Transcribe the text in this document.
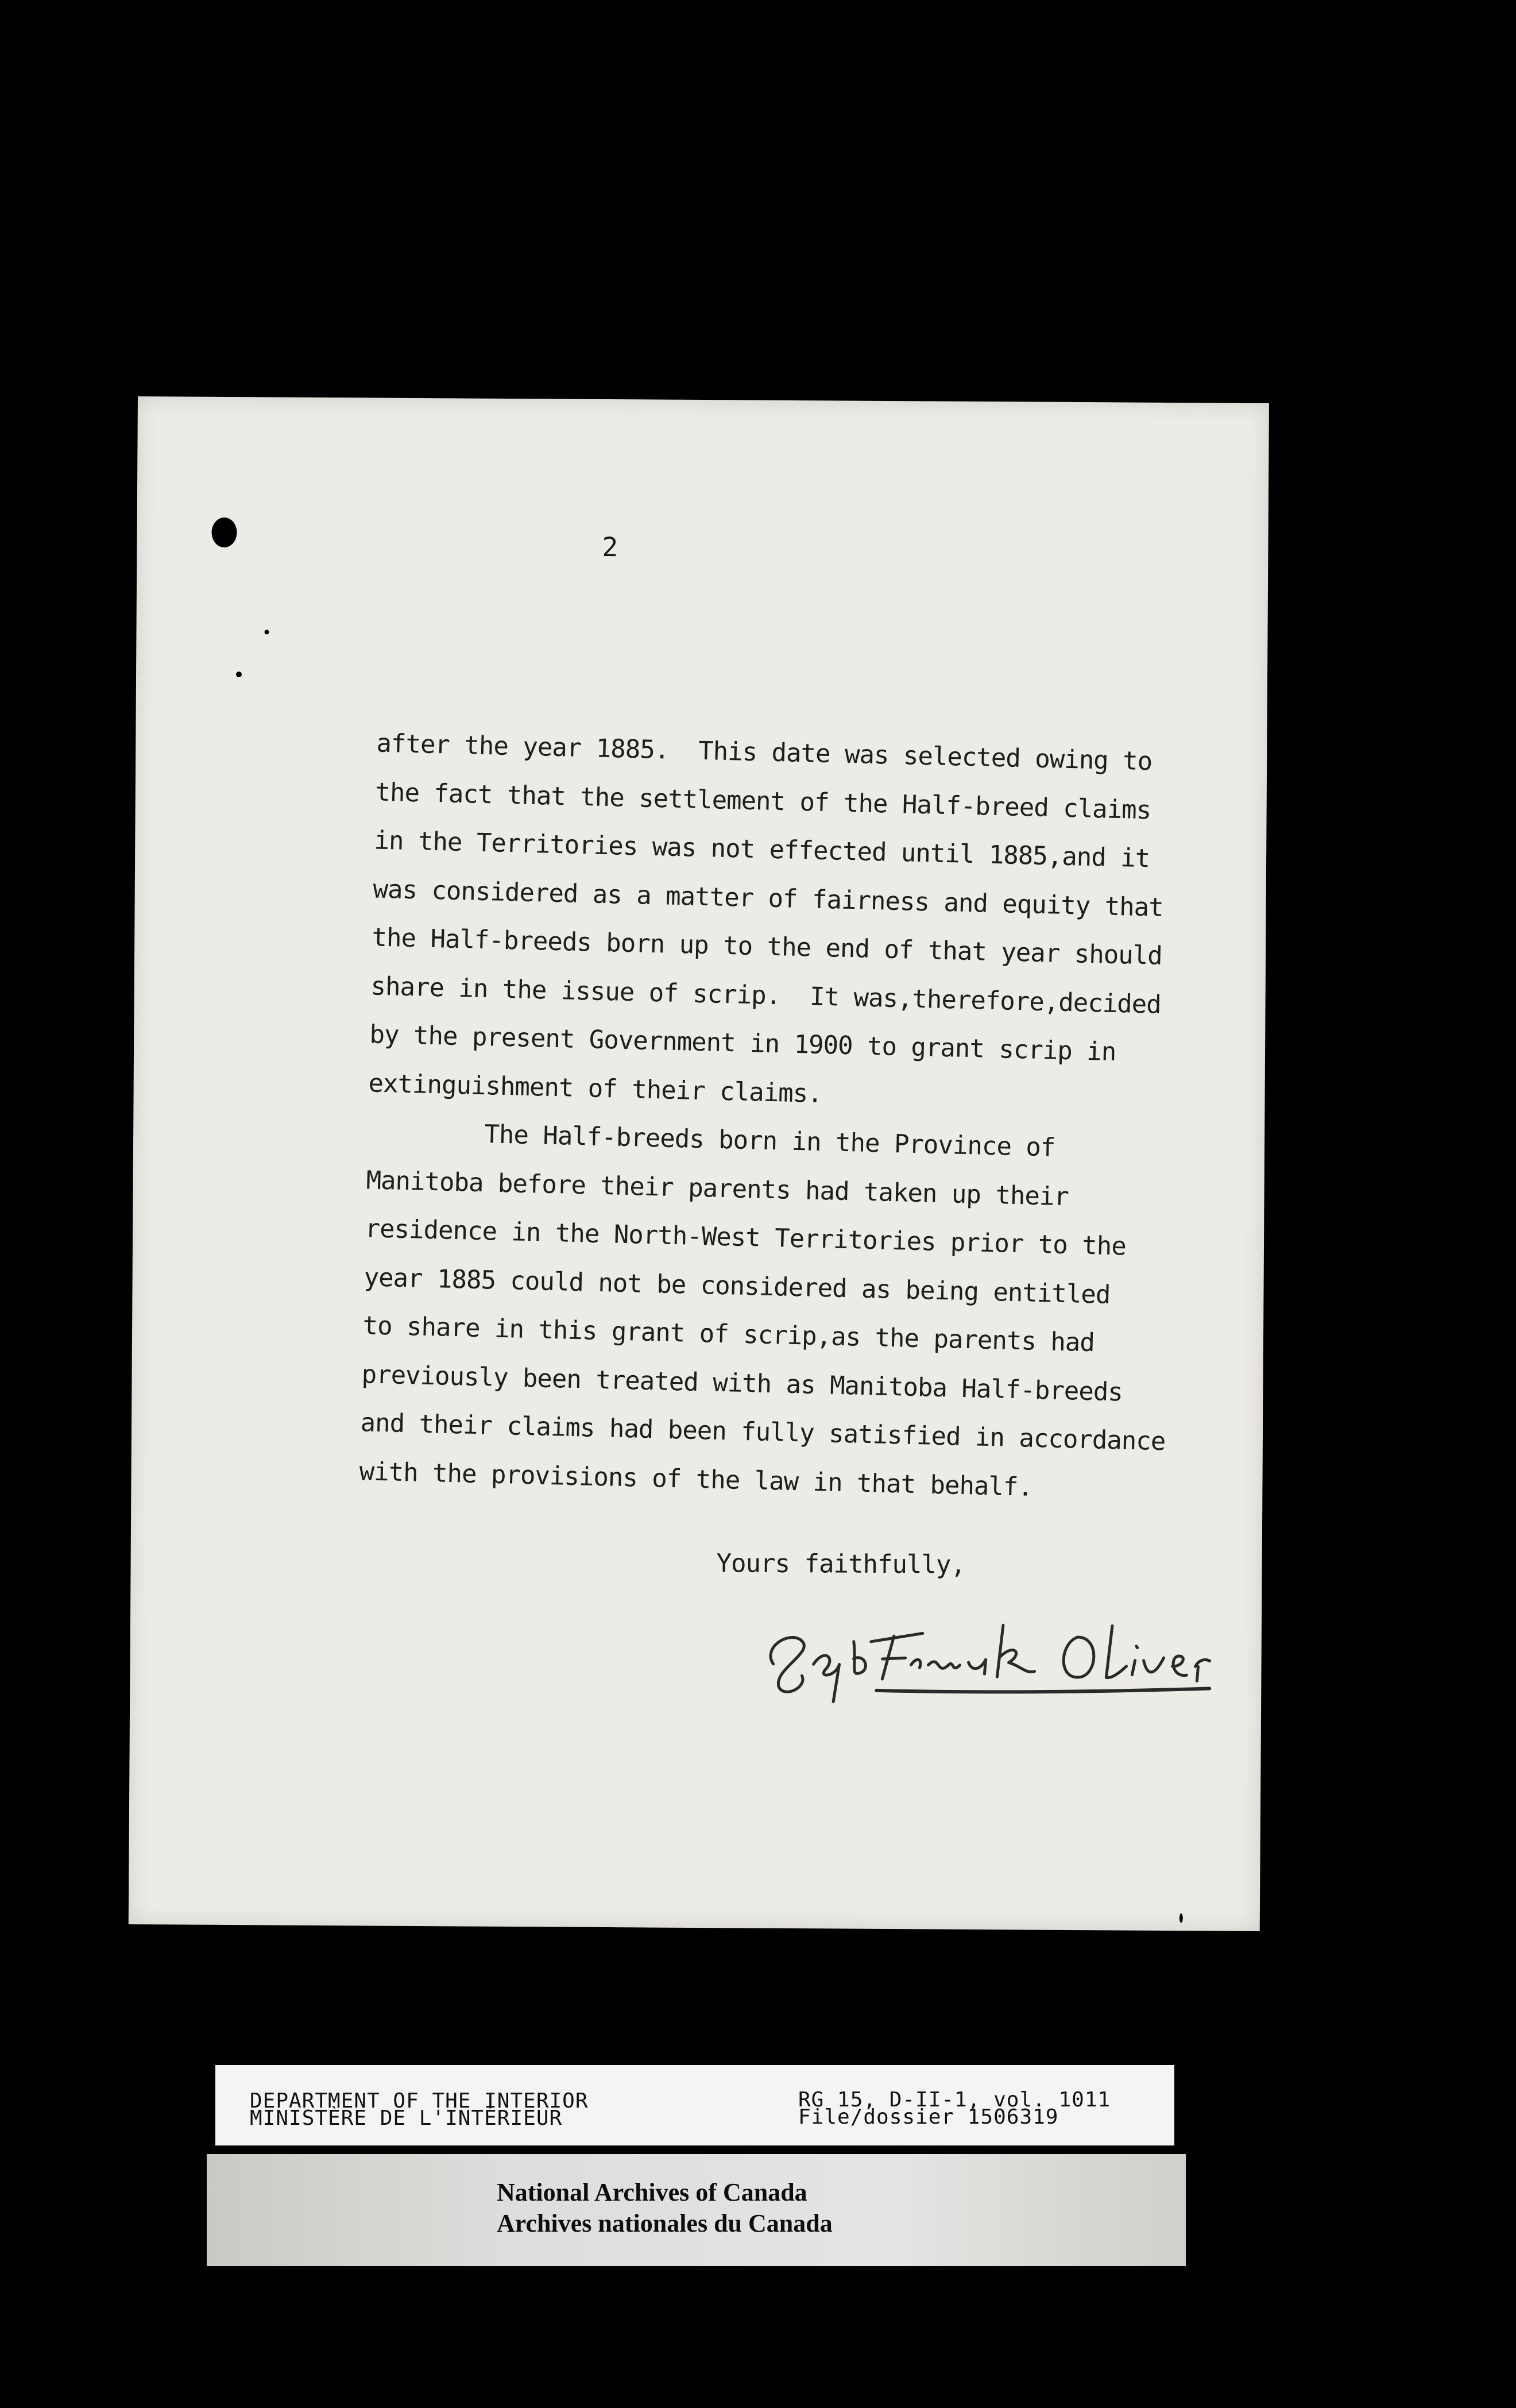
2
after the year 1885.  This date was selected owing to
the fact that the settlement of the Half-breed claims
in the Territories was not effected until 1885,and it
was considered as a matter of fairness and equity that
the Half-breeds born up to the end of that year should
share in the issue of scrip.  It was,therefore,decided
by the present Government in 1900 to grant scrip in
extinguishment of their claims.
The Half-breeds born in the Province of
Manitoba before their parents had taken up their
residence in the North-West Territories prior to the
year 1885 could not be considered as being entitled
to share in this grant of scrip,as the parents had
previously been treated with as Manitoba Half-breeds
and their claims had been fully satisfied in accordance
with the provisions of the law in that behalf.
Yours faithfully,
DEPARTMENT OF THE INTERIOR
MINISTÈRE DE L'INTÉRIEUR
RG 15, D-II-1, vol. 1011
File/dossier 1506319
National Archives of Canada
Archives nationales du Canada
